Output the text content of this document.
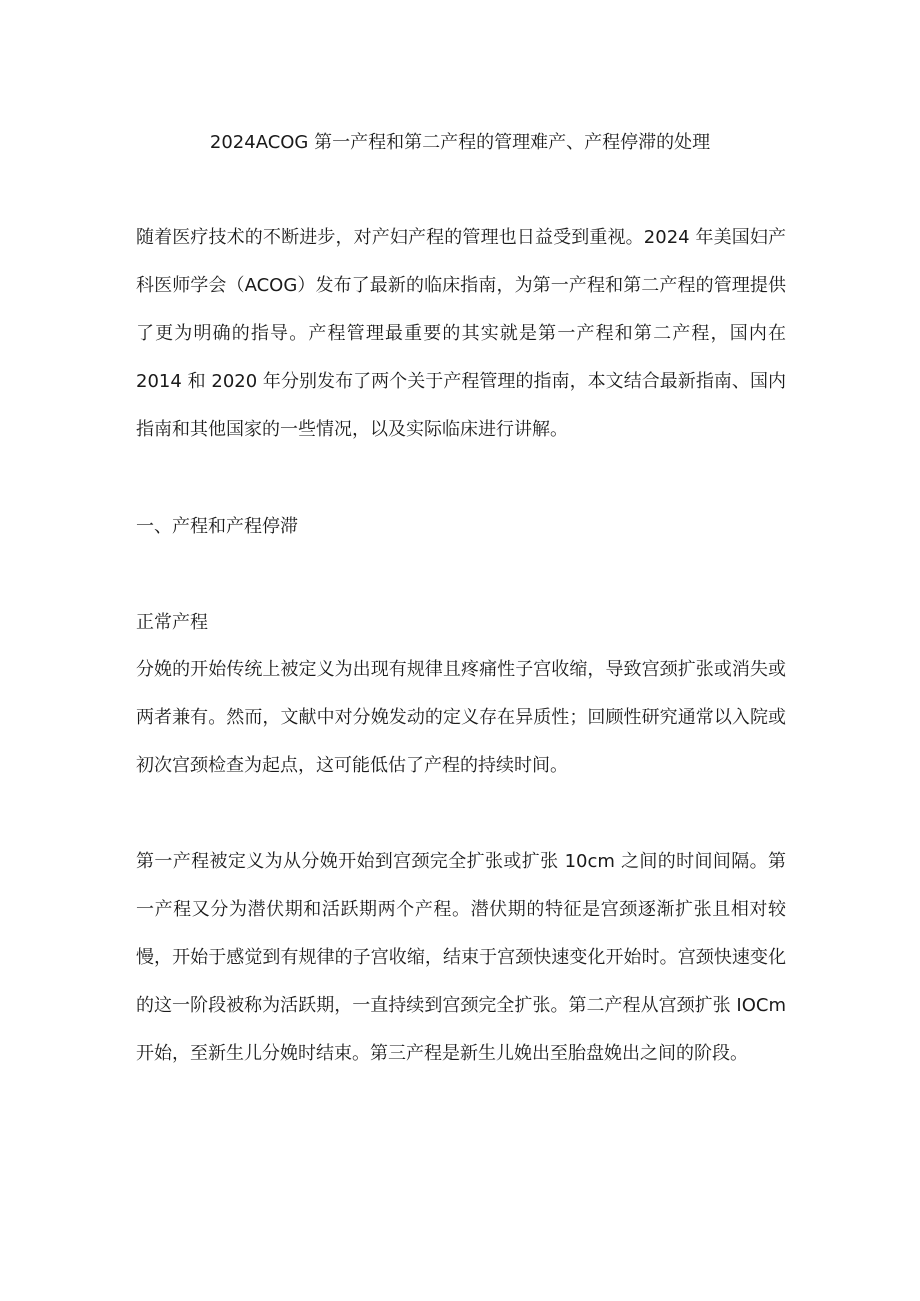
2024ACOG 第一产程和第二产程的管理难产、产程停滞的处理

随着医疗技术的不断进步，对产妇产程的管理也日益受到重视。2024 年美国妇产科医师学会（ACOG）发布了最新的临床指南，为第一产程和第二产程的管理提供了更为明确的指导。产程管理最重要的其实就是第一产程和第二产程，国内在 2014 和 2020 年分别发布了两个关于产程管理的指南，本文结合最新指南、国内指南和其他国家的一些情况，以及实际临床进行讲解。

一、产程和产程停滞
正常产程

分娩的开始传统上被定义为出现有规律且疼痛性子宫收缩，导致宫颈扩张或消失或两者兼有。然而，文献中对分娩发动的定义存在异质性；回顾性研究通常以入院或初次宫颈检查为起点，这可能低估了产程的持续时间。

第一产程被定义为从分娩开始到宫颈完全扩张或扩张 10cm 之间的时间间隔。第一产程又分为潜伏期和活跃期两个产程。潜伏期的特征是宫颈逐渐扩张且相对较慢，开始于感觉到有规律的子宫收缩，结束于宫颈快速变化开始时。宫颈快速变化的这一阶段被称为活跃期，一直持续到宫颈完全扩张。第二产程从宫颈扩张 IOCm 开始，至新生儿分娩时结束。第三产程是新生儿娩出至胎盘娩出之间的阶段。
